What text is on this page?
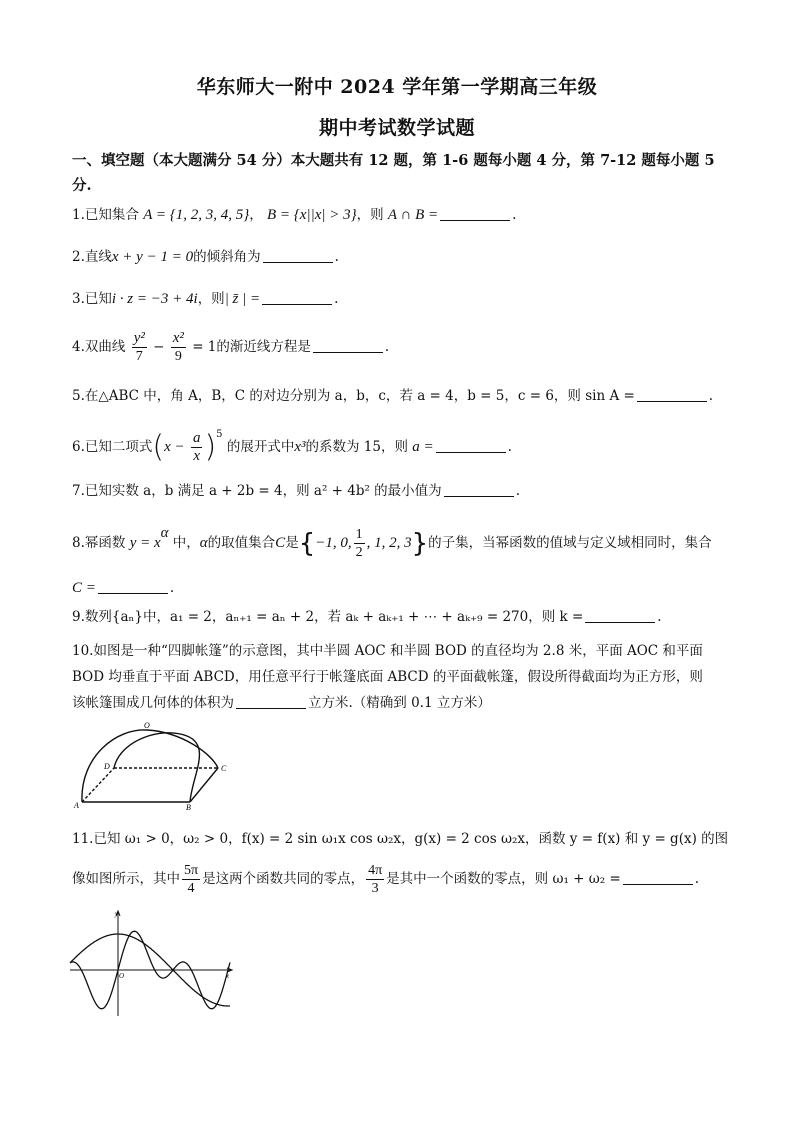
华东师大一附中 2024 学年第一学期高三年级
期中考试数学试题
一、填空题（本大题满分 54 分）本大题共有 12 题，第 1-6 题每小题 4 分，第 7-12 题每小题 5 分.
1.已知集合 A = {1, 2, 3, 4, 5}， B = {x||x| > 3}，则 A ∩ B =	.
2.直线x + y − 1 = 0的倾斜角为	.
3.已知i · z = −3 + 4i，则| z̄ | =	.
4.双曲线 $\frac{\text{y²}}{7} - \frac{\text{x²}}{9} = 1$的渐近线方程是	.
5.在△ABC 中，角 A，B，C 的对边分别为 a，b，c，若 a = 4，b = 5，c = 6，则 sin A =	.
6.已知二项式$(x - \frac{a}{x} )^5$ 的展开式中x³的系数为 15，则 a =	.
7.已知实数 a，b 满足 a + 2b = 4，则 a² + 4b² 的最小值为	.
8.幂函数 $y = x^\alpha$ 中，α的取值集合C是{−1, 0, $\frac{1}{2}$ , 1, 2, 3}的子集，当幂函数的值域与定义域相同时，集合
C =	.
9.数列{aₙ}中，a₁ = 2，aₙ₊₁ = aₙ + 2，若 aₖ + aₖ₊₁ + ⋯ + aₖ₊₉ = 270，则 k =	.
10.如图是一种“四脚帐篷”的示意图，其中半圆 AOC 和半圆 BOD 的直径均为 2.8 米，平面 AOC 和平面
BOD 均垂直于平面 ABCD，用任意平行于帐篷底面 ABCD 的平面截帐篷，假设所得截面均为正方形，则
该帐篷围成几何体的体积为	立方米.（精确到 0.1 立方米）
O
D	C
A	B
11.已知 ω₁ > 0，ω₂ > 0，f(x) = 2 sin ω₁x cos ω₂x，g(x) = 2 cos ω₂x，函数 y = f(x) 和 y = g(x) 的图
像如图所示，其中 $\frac{5\pi}{4}$ 是这两个函数共同的零点， $\frac{4\pi}{3}$ 是其中一个函数的零点，则 ω₁ + ω₂ =	.
y
x
O
